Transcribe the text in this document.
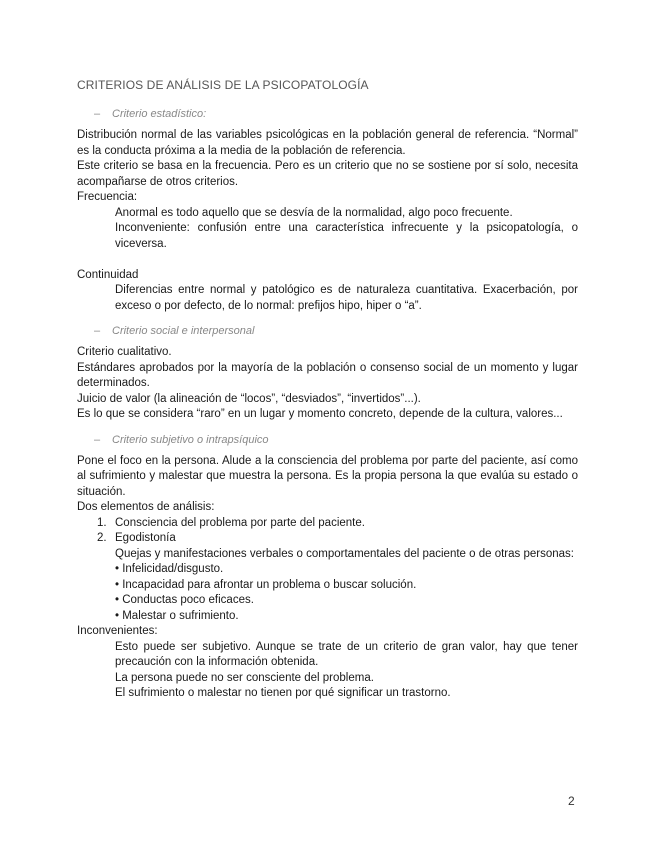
CRITERIOS DE ANÁLISIS DE LA PSICOPATOLOGÍA

–	Criterio estadístico:

Distribución normal de las variables psicológicas en la población general de referencia. “Normal” es la conducta próxima a la media de la población de referencia.

Este criterio se basa en la frecuencia. Pero es un criterio que no se sostiene por sí solo, necesita acompañarse de otros criterios.

Frecuencia:

Anormal es todo aquello que se desvía de la normalidad, algo poco frecuente.

Inconveniente: confusión entre una característica infrecuente y la psicopatología, o viceversa.

Continuidad

Diferencias entre normal y patológico es de naturaleza cuantitativa. Exacerbación, por exceso o por defecto, de lo normal: prefijos hipo, hiper o “a”.

–	Criterio social e interpersonal

Criterio cualitativo.

Estándares aprobados por la mayoría de la población o consenso social de un momento y lugar determinados.

Juicio de valor (la alineación de “locos”, “desviados”, “invertidos”...).

Es lo que se considera “raro” en un lugar y momento concreto, depende de la cultura, valores...

–	Criterio subjetivo o intrapsíquico

Pone el foco en la persona. Alude a la consciencia del problema por parte del paciente, así como al sufrimiento y malestar que muestra la persona. Es la propia persona la que evalúa su estado o situación.

Dos elementos de análisis:

1. Consciencia del problema por parte del paciente.
2. Egodistonía

Quejas y manifestaciones verbales o comportamentales del paciente o de otras personas:

• Infelicidad/disgusto.

• Incapacidad para afrontar un problema o buscar solución.

• Conductas poco eficaces.

• Malestar o sufrimiento.

Inconvenientes:

Esto puede ser subjetivo. Aunque se trate de un criterio de gran valor, hay que tener precaución con la información obtenida.

La persona puede no ser consciente del problema.

El sufrimiento o malestar no tienen por qué significar un trastorno.

2
